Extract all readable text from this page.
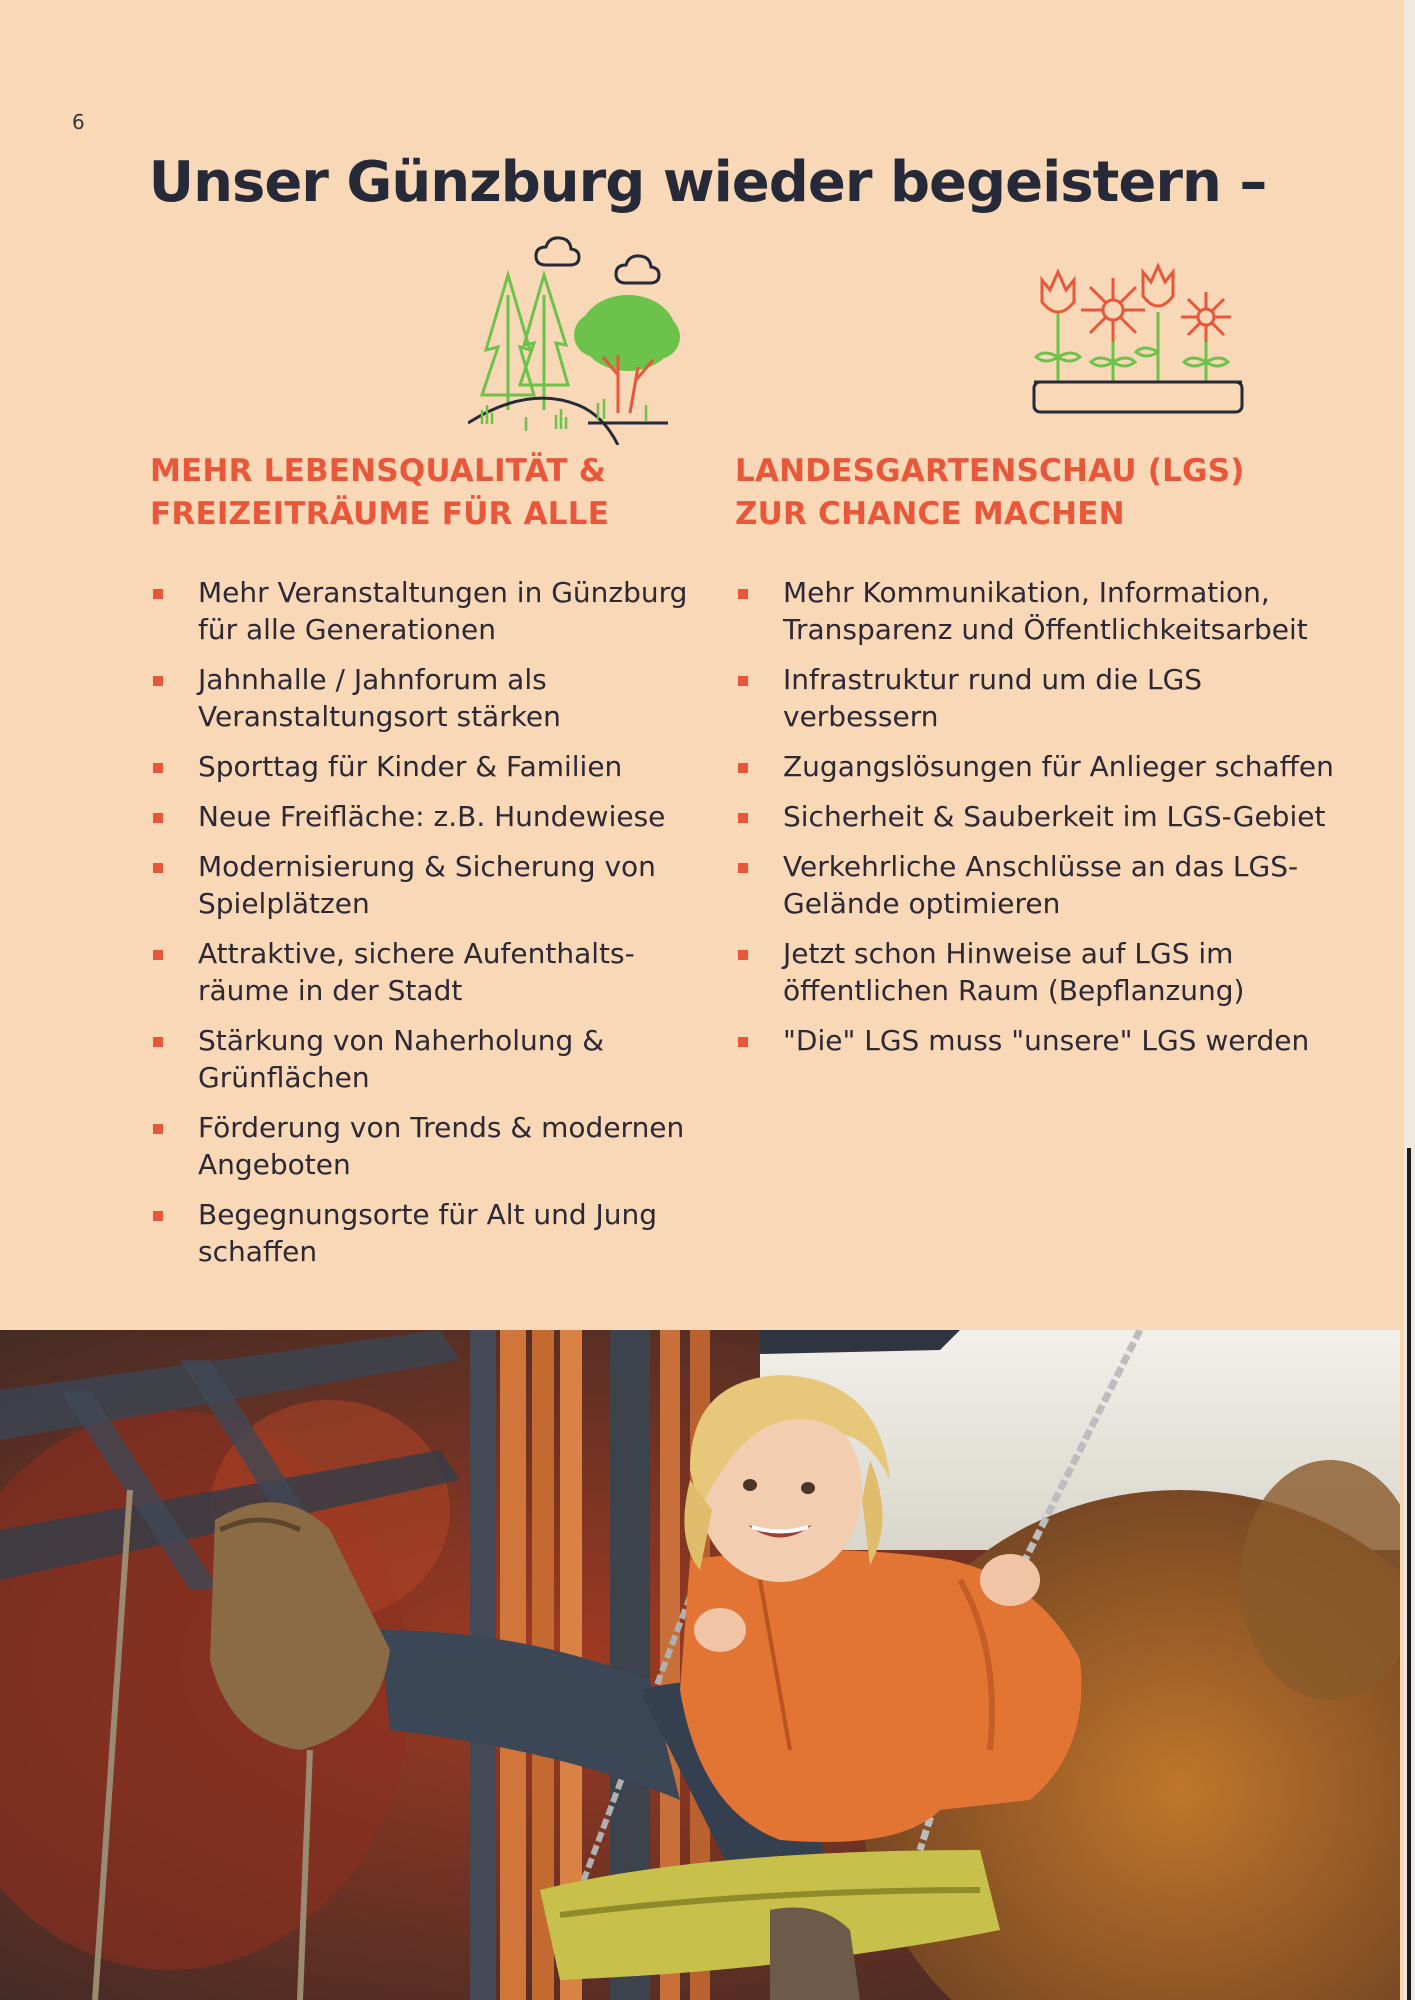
6
Unser Günzburg wieder begeistern –
MEHR LEBENSQUALITÄT &
FREIZEITRÄUME FÜR ALLE
Mehr Veranstaltungen in Günzburg für alle Generationen
Jahnhalle / Jahnforum als Veranstaltungsort stärken
Sporttag für Kinder & Familien
Neue Freifläche: z.B. Hundewiese
Modernisierung & Sicherung von Spielplätzen
Attraktive, sichere Aufenthalts-räume in der Stadt
Stärkung von Naherholung & Grünflächen
Förderung von Trends & modernen Angeboten
Begegnungsorte für Alt und Jung schaffen
LANDESGARTENSCHAU (LGS)
ZUR CHANCE MACHEN
Mehr Kommunikation, Information, Transparenz und Öffentlichkeitsarbeit
Infrastruktur rund um die LGS verbessern
Zugangslösungen für Anlieger schaffen
Sicherheit & Sauberkeit im LGS-Gebiet
Verkehrliche Anschlüsse an das LGS-Gelände optimieren
Jetzt schon Hinweise auf LGS im öffentlichen Raum (Bepflanzung)
"Die" LGS muss "unsere" LGS werden
